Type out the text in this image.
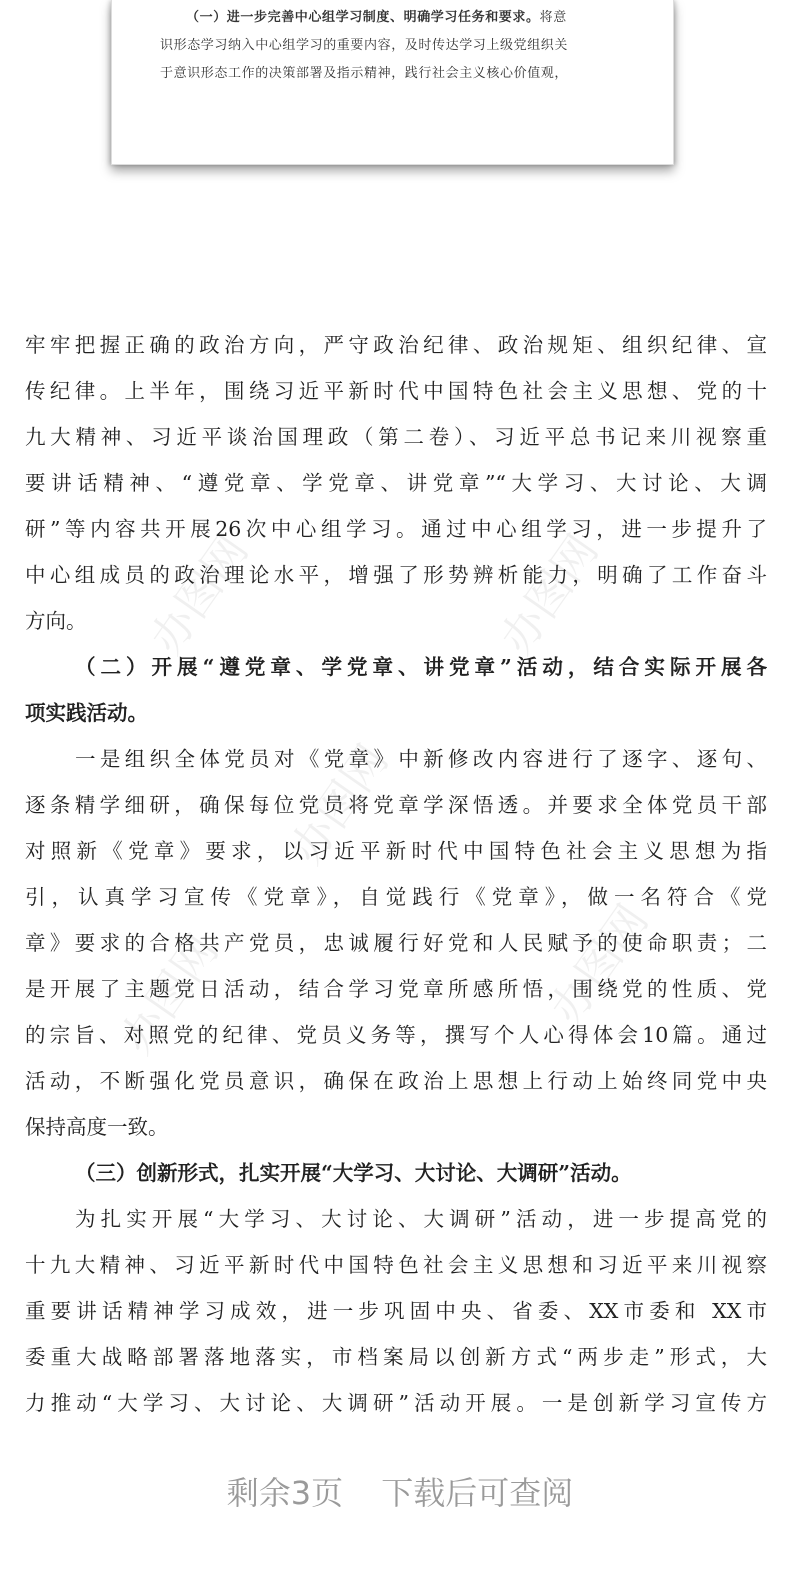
（一）进一步完善中心组学习制度、明确学习任务和要求。将意
识形态学习纳入中心组学习的重要内容，及时传达学习上级党组织关
于意识形态工作的决策部署及指示精神，践行社会主义核心价值观，
办图网	办图网
办图网
办图网	办图网
牢牢把握正确的政治方向，严守政治纪律、政治规矩、组织纪律、宣
传纪律。上半年，围绕习近平新时代中国特色社会主义思想、党的十
九大精神、习近平谈治国理政（第二卷）、习近平总书记来川视察重
要讲话精神、“遵党章、学党章、讲党章”“大学习、大讨论、大调
研”等内容共开展26次中心组学习。通过中心组学习，进一步提升了
中心组成员的政治理论水平，增强了形势辨析能力，明确了工作奋斗
方向。
（二）开展“遵党章、学党章、讲党章”活动，结合实际开展各
项实践活动。
一是组织全体党员对《党章》中新修改内容进行了逐字、逐句、
逐条精学细研，确保每位党员将党章学深悟透。并要求全体党员干部
对照新《党章》要求，以习近平新时代中国特色社会主义思想为指
引，认真学习宣传《党章》，自觉践行《党章》，做一名符合《党
章》要求的合格共产党员，忠诚履行好党和人民赋予的使命职责；二
是开展了主题党日活动，结合学习党章所感所悟，围绕党的性质、党
的宗旨、对照党的纪律、党员义务等，撰写个人心得体会10篇。通过
活动，不断强化党员意识，确保在政治上思想上行动上始终同党中央
保持高度一致。
（三）创新形式，扎实开展“大学习、大讨论、大调研”活动。
为扎实开展“大学习、大讨论、大调研”活动，进一步提高党的
十九大精神、习近平新时代中国特色社会主义思想和习近平来川视察
重要讲话精神学习成效，进一步巩固中央、省委、XX市委和 XX市
委重大战略部署落地落实，市档案局以创新方式“两步走”形式，大
力推动“大学习、大讨论、大调研”活动开展。一是创新学习宣传方
剩余3页 下载后可查阅
